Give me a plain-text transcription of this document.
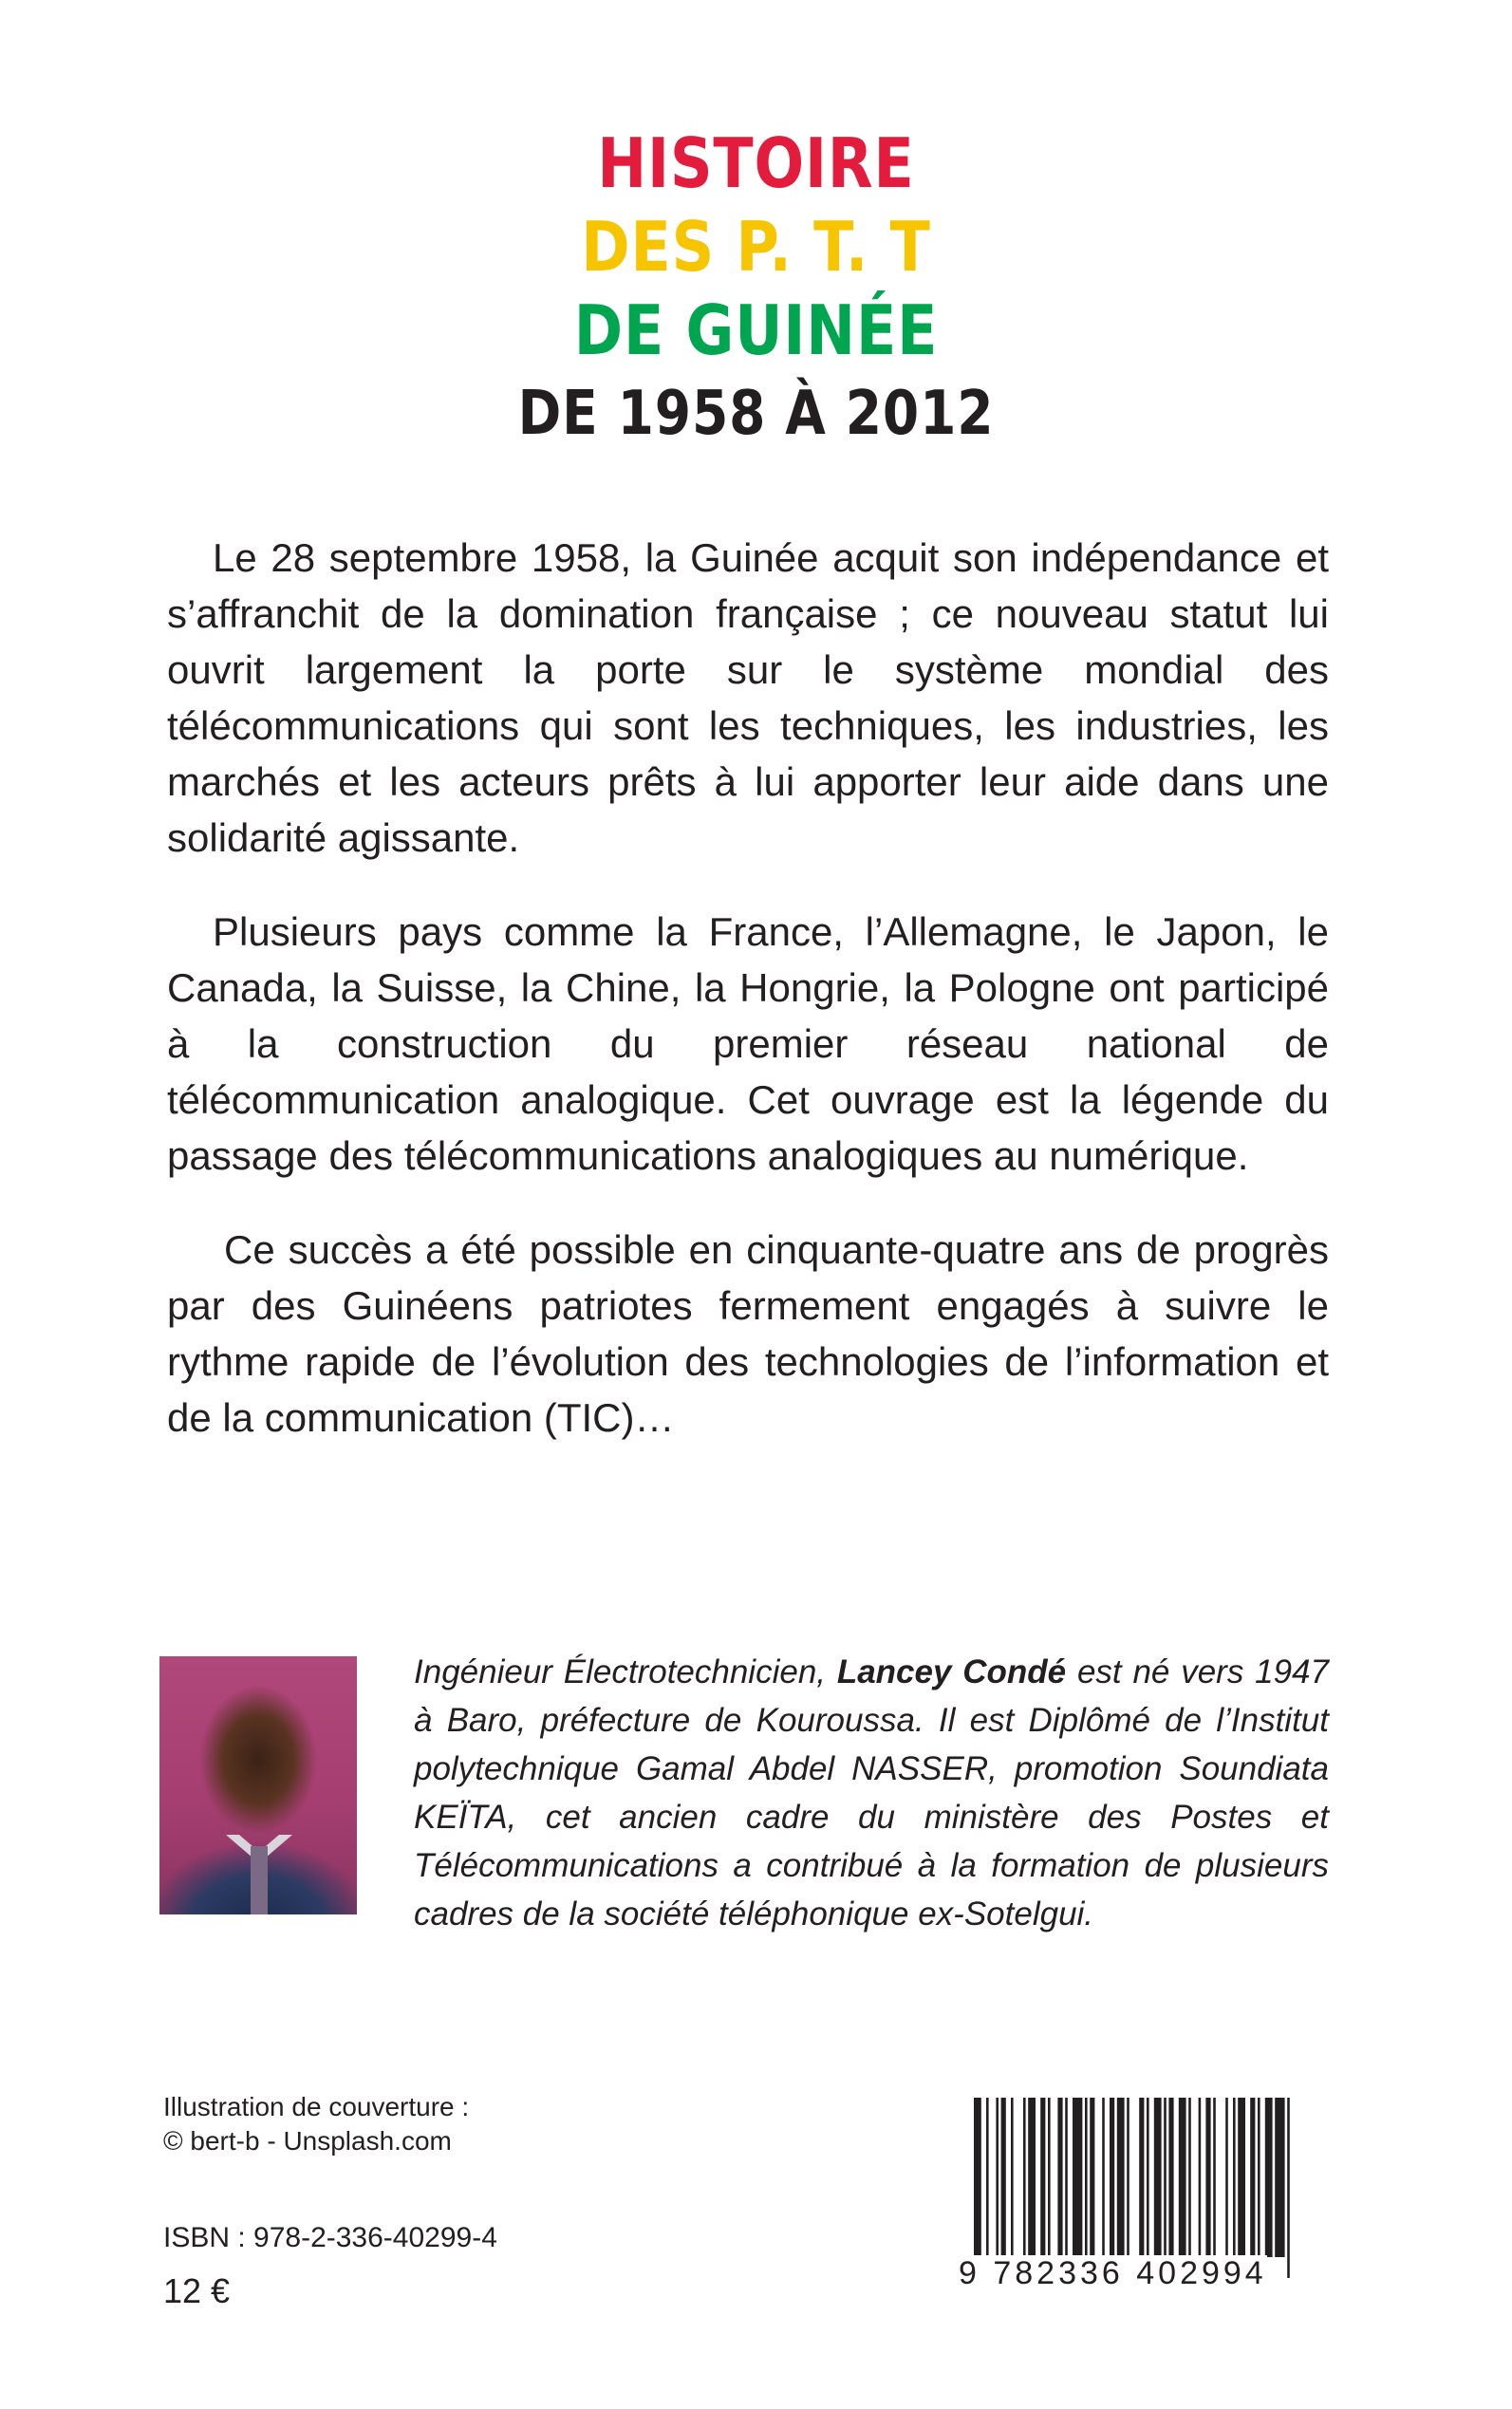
HISTOIRE
DES P. T. T
DE GUINÉE
DE 1958 À 2012

Le 28 septembre 1958, la Guinée acquit son indépendance et s’affranchit de la domination française ; ce nouveau statut lui ouvrit largement la porte sur le système mondial des télécommunications qui sont les techniques, les industries, les marchés et les acteurs prêts à lui apporter leur aide dans une solidarité agissante.

Plusieurs pays comme la France, l’Allemagne, le Japon, le Canada, la Suisse, la Chine, la Hongrie, la Pologne ont participé à la construction du premier réseau national de télécommunication analogique. Cet ouvrage est la légende du passage des télécommunications analogiques au numérique.

Ce succès a été possible en cinquante-quatre ans de progrès par des Guinéens patriotes fermement engagés à suivre le rythme rapide de l’évolution des technologies de l’information et de la communication (TIC)…

Ingénieur Électrotechnicien, Lancey Condé est né vers 1947 à Baro, préfecture de Kouroussa. Il est Diplômé de l’Institut polytechnique Gamal Abdel NASSER, promotion Soundiata KEÏTA, cet ancien cadre du ministère des Postes et Télécommunications a contribué à la formation de plusieurs cadres de la société téléphonique ex-Sotelgui.
Illustration de couverture :
© bert-b - Unsplash.com
ISBN : 978-2-336-40299-4
12 €	9 782336 402994
